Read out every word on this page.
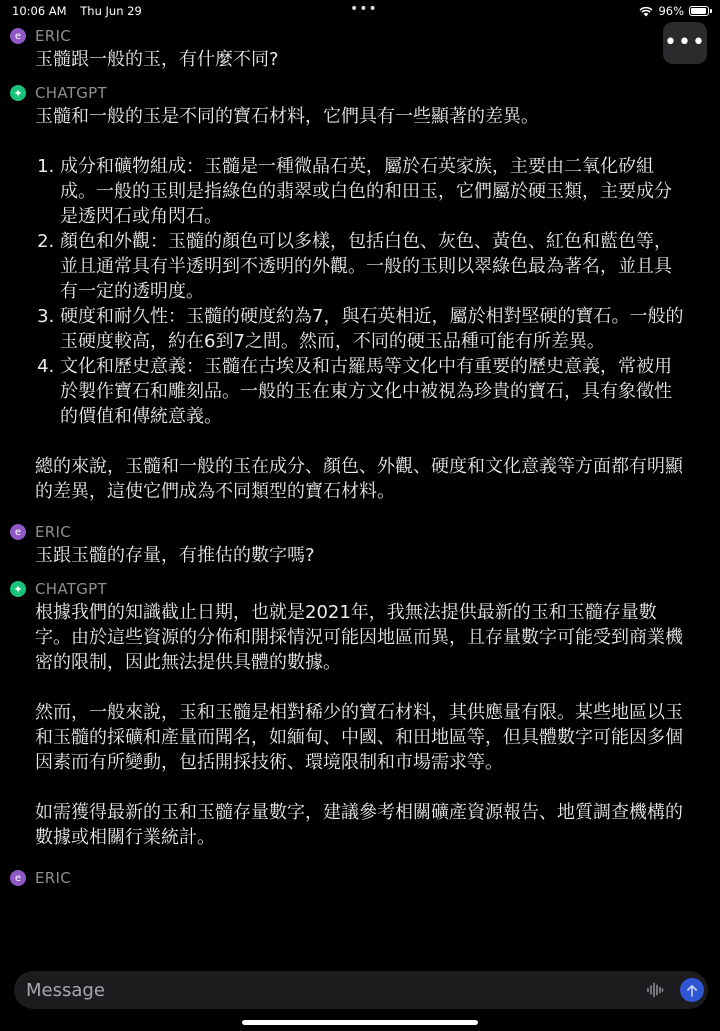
10:06 AM Thu Jun 29	•••	96%
•••
e ERIC

玉髓跟一般的玉，有什麼不同?

✦ CHATGPT

玉髓和一般的玉是不同的寶石材料，它們具有一些顯著的差異。

1. 成分和礦物組成：玉髓是一種微晶石英，屬於石英家族，主要由二氧化矽組成。一般的玉則是指綠色的翡翠或白色的和田玉，它們屬於硬玉類，主要成分是透閃石或角閃石。
2. 顏色和外觀：玉髓的顏色可以多樣，包括白色、灰色、黃色、紅色和藍色等，並且通常具有半透明到不透明的外觀。一般的玉則以翠綠色最為著名，並且具有一定的透明度。
3. 硬度和耐久性：玉髓的硬度約為7，與石英相近，屬於相對堅硬的寶石。一般的玉硬度較高，約在6到7之間。然而，不同的硬玉品種可能有所差異。
4. 文化和歷史意義：玉髓在古埃及和古羅馬等文化中有重要的歷史意義，常被用於製作寶石和雕刻品。一般的玉在東方文化中被視為珍貴的寶石，具有象徵性的價值和傳統意義。

總的來說，玉髓和一般的玉在成分、顏色、外觀、硬度和文化意義等方面都有明顯的差異，這使它們成為不同類型的寶石材料。

e ERIC

玉跟玉髓的存量，有推估的數字嗎?

✦ CHATGPT

根據我們的知識截止日期，也就是2021年，我無法提供最新的玉和玉髓存量數字。由於這些資源的分佈和開採情況可能因地區而異，且存量數字可能受到商業機密的限制，因此無法提供具體的數據。

然而，一般來說，玉和玉髓是相對稀少的寶石材料，其供應量有限。某些地區以玉和玉髓的採礦和產量而聞名，如緬甸、中國、和田地區等，但具體數字可能因多個因素而有所變動，包括開採技術、環境限制和市場需求等。

如需獲得最新的玉和玉髓存量數字，建議參考相關礦產資源報告、地質調查機構的數據或相關行業統計。

e ERIC
Message
